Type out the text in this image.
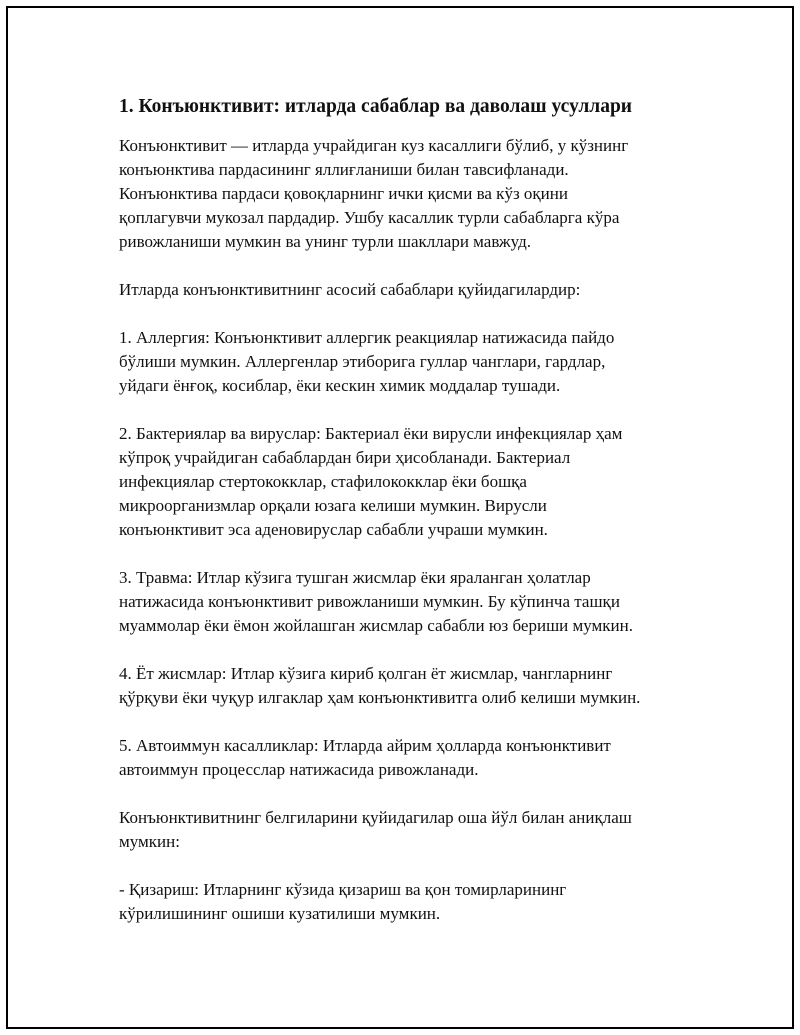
1. Конъюнктивит: итларда сабаблар ва даволаш усуллари

Конъюнктивит — итларда учрайдиган куз касаллиги бўлиб, у кўзнинг
конъюнктива пардасининг яллиғланиши билан тавсифланади.
Конъюнктива пардаси қовоқларнинг ички қисми ва кўз оқини
қоплагувчи мукозал пардадир. Ушбу касаллик турли сабабларга кўра
ривожланиши мумкин ва унинг турли шакллари мавжуд.

Итларда конъюнктивитнинг асосий сабаблари қуйидагилардир:

1. Аллергия: Конъюнктивит аллергик реакциялар натижасида пайдо
бўлиши мумкин. Аллергенлар этиборига гуллар чанглари, гардлар,
уйдаги ёнғоқ, косиблар, ёки кескин химик моддалар тушади.

2. Бактериялар ва вируслар: Бактериал ёки вирусли инфекциялар ҳам
кўпроқ учрайдиган сабаблардан бири ҳисобланади. Бактериал
инфекциялар стертококклар, стафилококклар ёки бошқа
микроорганизмлар орқали юзага келиши мумкин. Вирусли
конъюнктивит эса аденовируслар сабабли учраши мумкин.

3. Травма: Итлар кўзига тушган жисмлар ёки яраланган ҳолатлар
натижасида конъюнктивит ривожланиши мумкин. Бу кўпинча ташқи
муаммолар ёки ёмон жойлашган жисмлар сабабли юз бериши мумкин.

4. Ёт жисмлар: Итлар кўзига кириб қолган ёт жисмлар, чангларнинг
қўрқуви ёки чуқур илгаклар ҳам конъюнктивитга олиб келиши мумкин.

5. Автоиммун касалликлар: Итларда айрим ҳолларда конъюнктивит
автоиммун процесслар натижасида ривожланади.

Конъюнктивитнинг белгиларини қуйидагилар оша йўл билан аниқлаш
мумкин:

- Қизариш: Итларнинг кўзида қизариш ва қон томирларининг
кўрилишининг ошиши кузатилиши мумкин.
